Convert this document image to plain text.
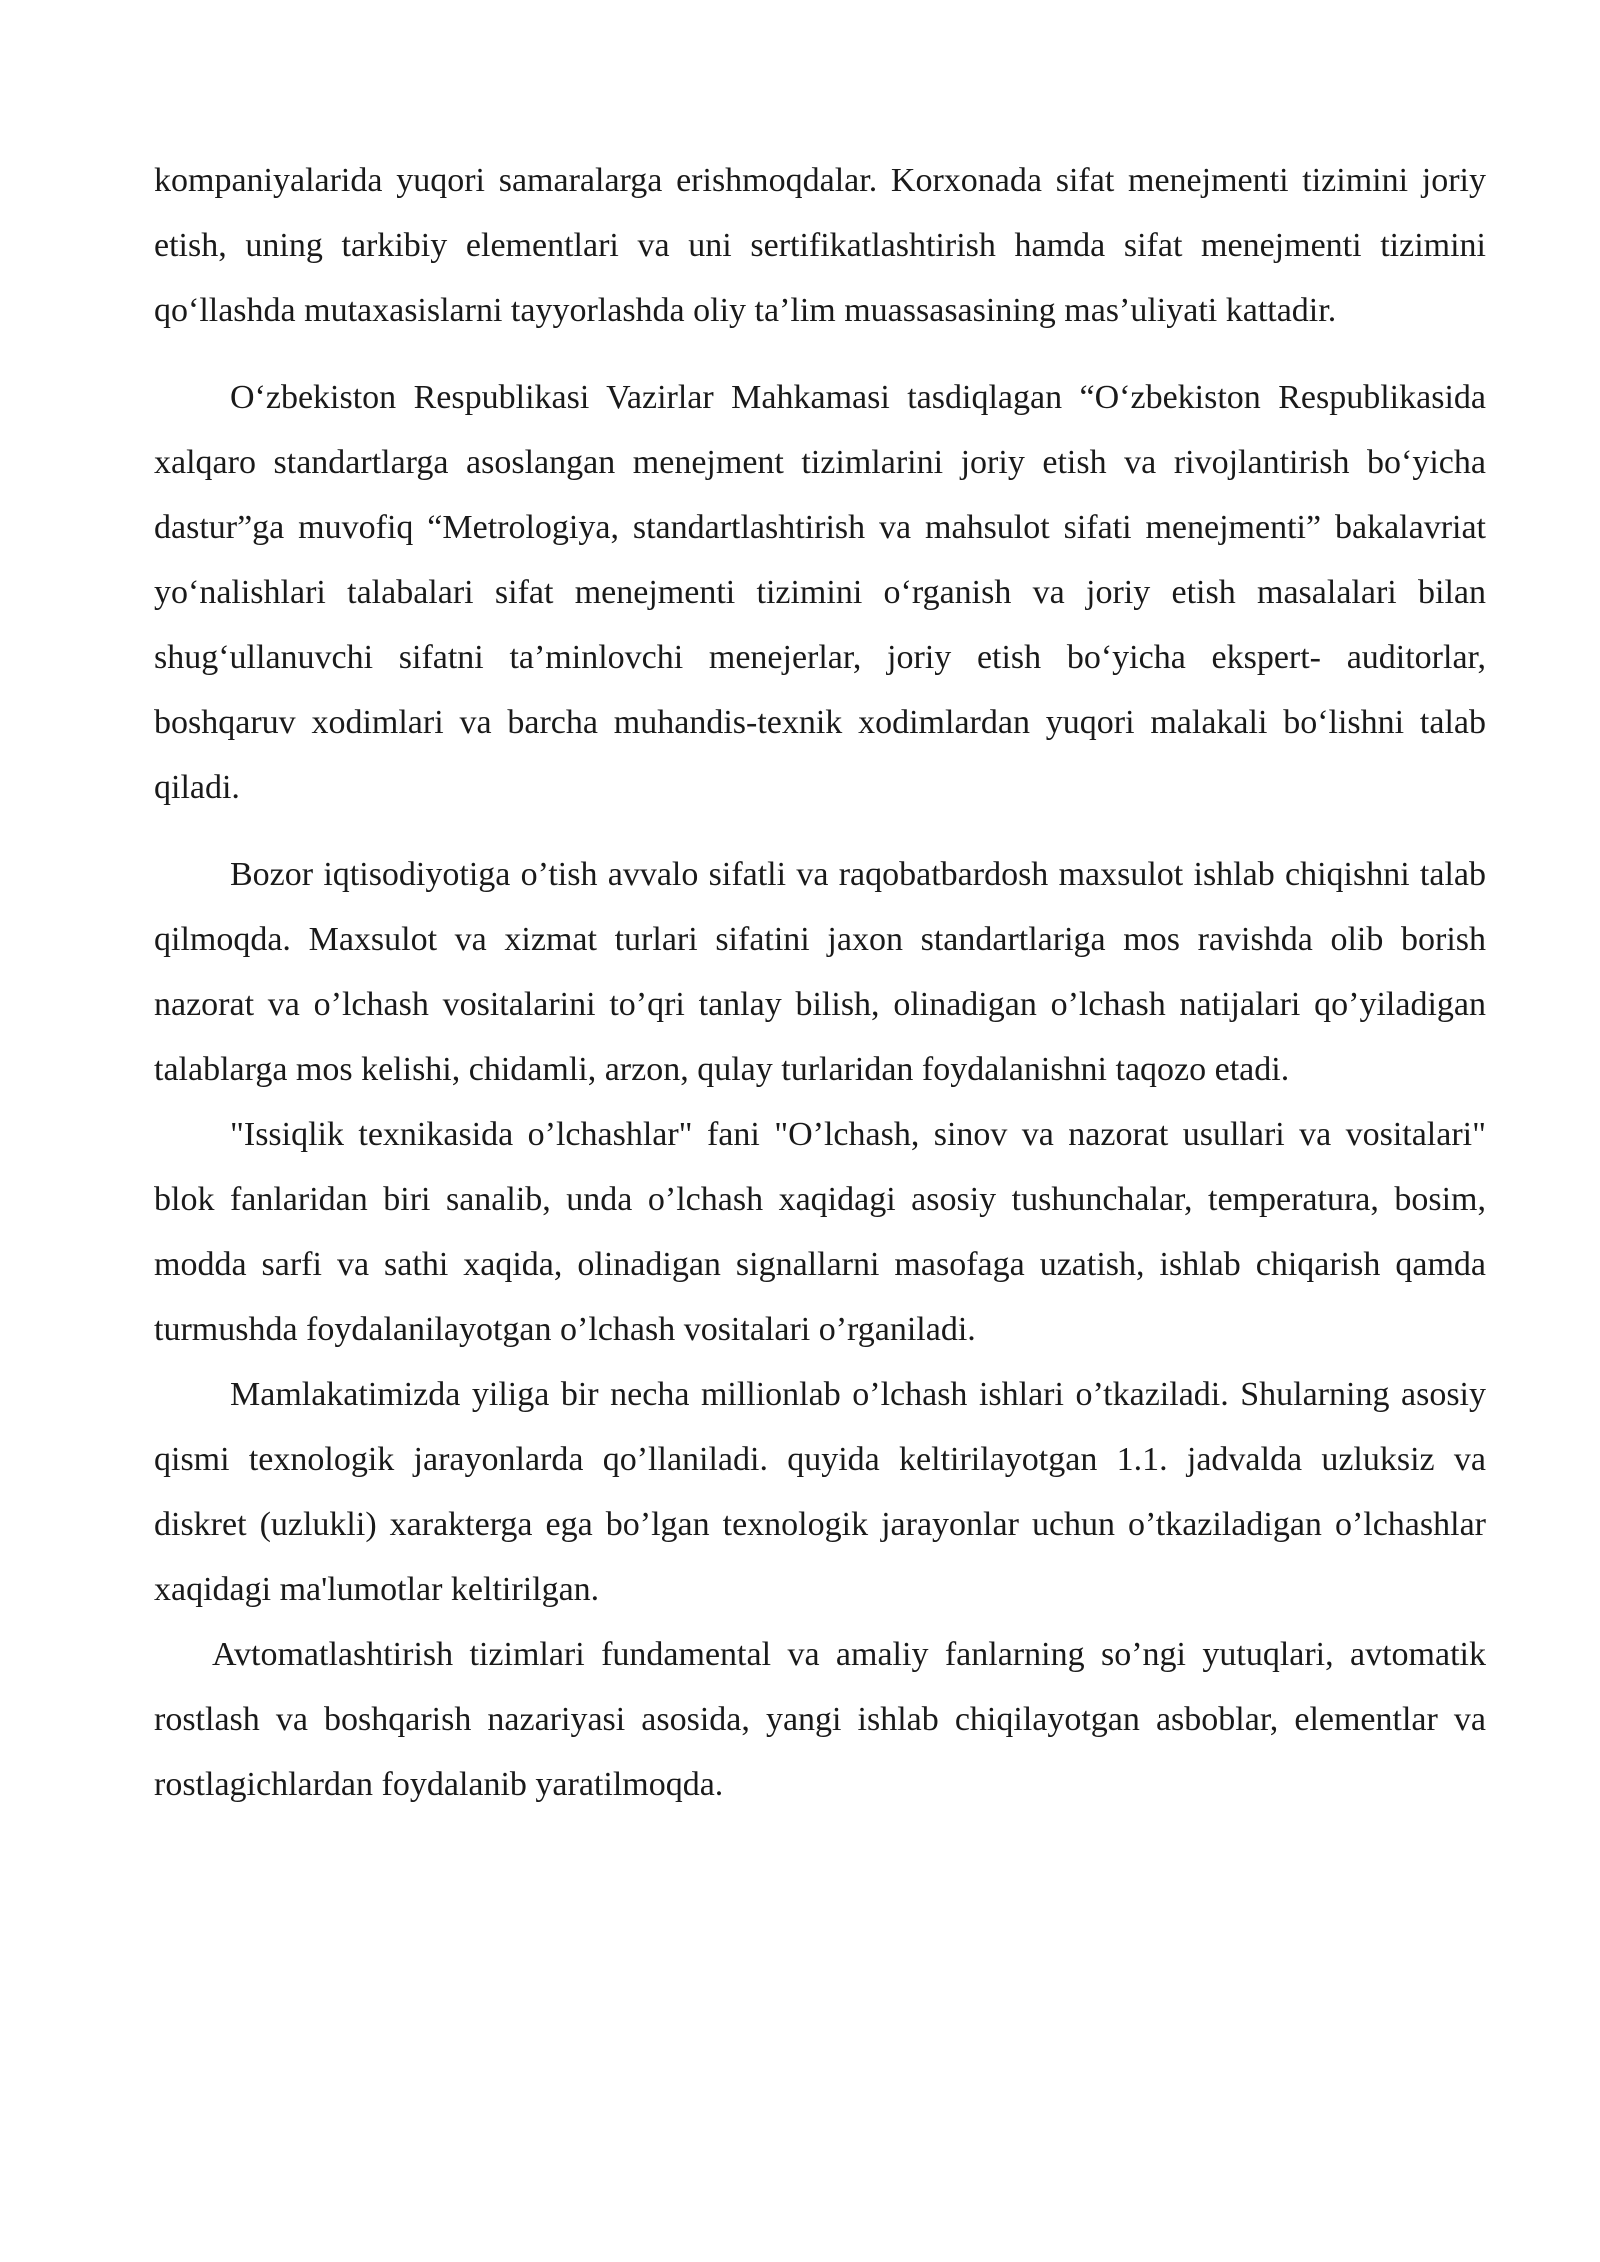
kompaniyalarida yuqori samaralarga erishmoqdalar. Korxonada sifat menejmenti tizimini joriy etish, uning tarkibiy elementlari va uni sertifikatlashtirish hamda sifat menejmenti tizimini qo‘llashda mutaxasislarni tayyorlashda oliy ta’lim muassasasining mas’uliyati kattadir.

O‘zbekiston Respublikasi Vazirlar Mahkamasi tasdiqlagan “O‘zbekiston Respublikasida xalqaro standartlarga asoslangan menejment tizimlarini joriy etish va rivojlantirish bo‘yicha dastur”ga muvofiq “Metrologiya, standartlashtirish va mahsulot sifati menejmenti” bakalavriat yo‘nalishlari talabalari sifat menejmenti tizimini o‘rganish va joriy etish masalalari bilan shug‘ullanuvchi sifatni ta’minlovchi menejerlar, joriy etish bo‘yicha ekspert- auditorlar, boshqaruv xodimlari va barcha muhandis-texnik xodimlardan yuqori malakali bo‘lishni talab qiladi.

Bozor iqtisodiyotiga o’tish avvalo sifatli va raqobatbardosh maxsulot ishlab chiqishni talab qilmoqda. Maxsulot va xizmat turlari sifatini jaxon standartlariga mos ravishda olib borish nazorat va o’lchash vositalarini to’qri tanlay bilish, olinadigan o’lchash natijalari qo’yiladigan talablarga mos kelishi, chidamli, arzon, qulay turlaridan foydalanishni taqozo etadi.

"Issiqlik texnikasida o’lchashlar" fani "O’lchash, sinov va nazorat usullari va vositalari" blok fanlaridan biri sanalib, unda o’lchash xaqidagi asosiy tushunchalar, temperatura, bosim, modda sarfi va sathi xaqida, olinadigan signallarni masofaga uzatish, ishlab chiqarish qamda turmushda foydalanilayotgan o’lchash vositalari o’rganiladi.

Mamlakatimizda yiliga bir necha millionlab o’lchash ishlari o’tkaziladi. Shularning asosiy qismi texnologik jarayonlarda qo’llaniladi. quyida keltirilayotgan 1.1. jadvalda uzluksiz va diskret (uzlukli) xarakterga ega bo’lgan texnologik jarayonlar uchun o’tkaziladigan o’lchashlar xaqidagi ma'lumotlar keltirilgan.

Avtomatlashtirish tizimlari fundamental va amaliy fanlarning so’ngi yutuqlari, avtomatik rostlash va boshqarish nazariyasi asosida, yangi ishlab chiqilayotgan asboblar, elementlar va rostlagichlardan foydalanib yaratilmoqda.
